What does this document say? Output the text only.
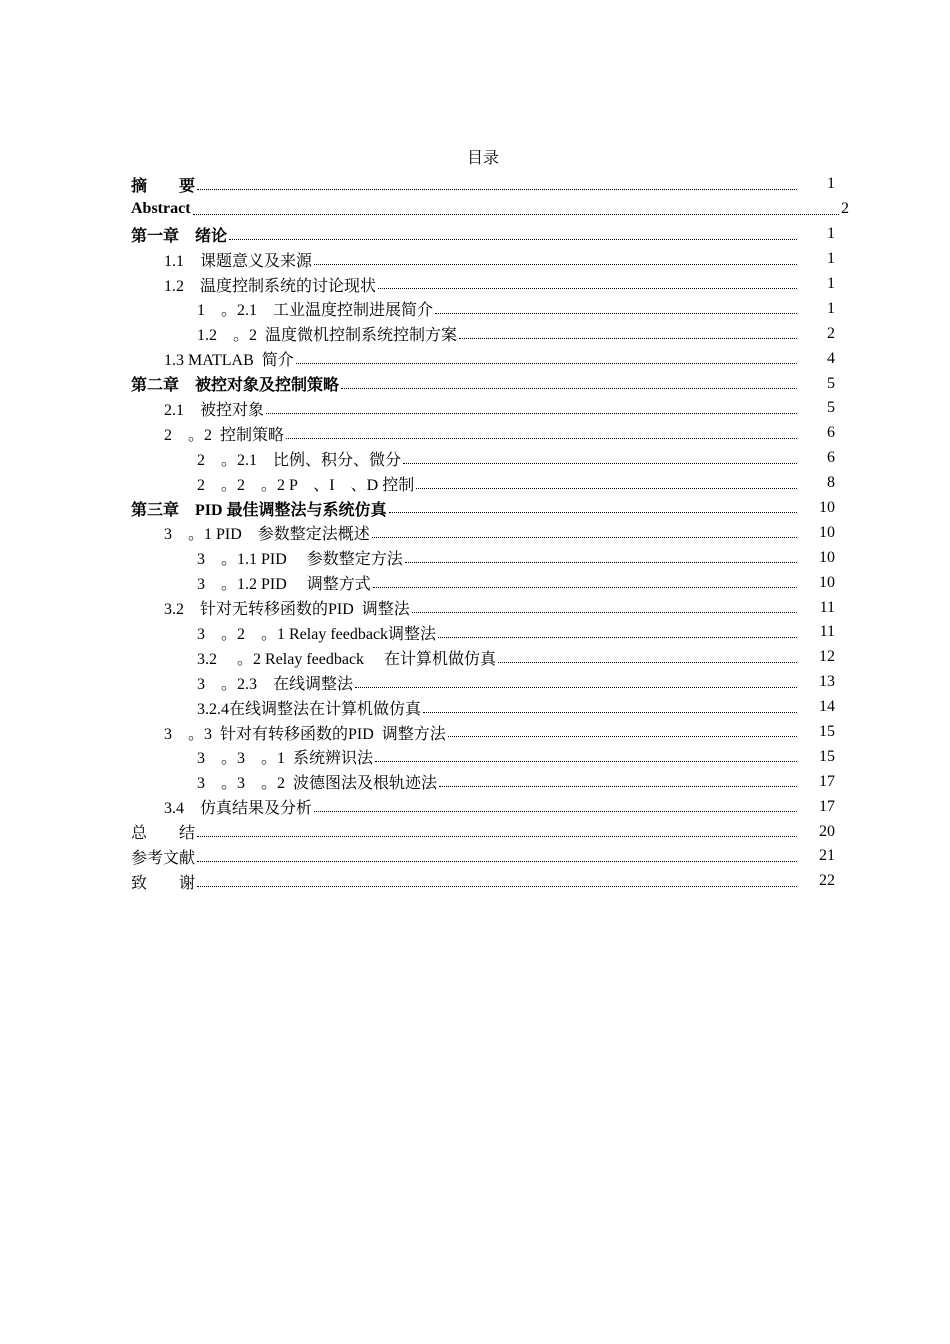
目录
摘　　要	1
Abstract	2
第一章　绪论	1
1.1　课题意义及来源	1
1.2　温度控制系统的讨论现状	1
1　。2.1　工业温度控制进展简介	1
1.2　。2  温度微机控制系统控制方案	2
1.3 MATLAB  简介	4
第二章　被控对象及控制策略	5
2.1　被控对象	5
2　。2  控制策略	6
2　。2.1　比例、积分、微分	6
2　。2　。2 P　、I　、D 控制	8
第三章　PID 最佳调整法与系统仿真	10
3　。1 PID　参数整定法概述	10
3　。1.1 PID　 参数整定方法	10
3　。1.2 PID　 调整方式	10
3.2　针对无转移函数的PID  调整法	11
3　。2　。1 Relay feedback调整法	11
3.2　 。2 Relay feedback　 在计算机做仿真	12
3　。2.3　在线调整法	13
3.2.4在线调整法在计算机做仿真	14
3　。3  针对有转移函数的PID  调整方法	15
3　。3　。1  系统辨识法	15
3　。3　。2  波德图法及根轨迹法	17
3.4　仿真结果及分析	17
总　　结	20
参考文献	21
致　　谢	22
